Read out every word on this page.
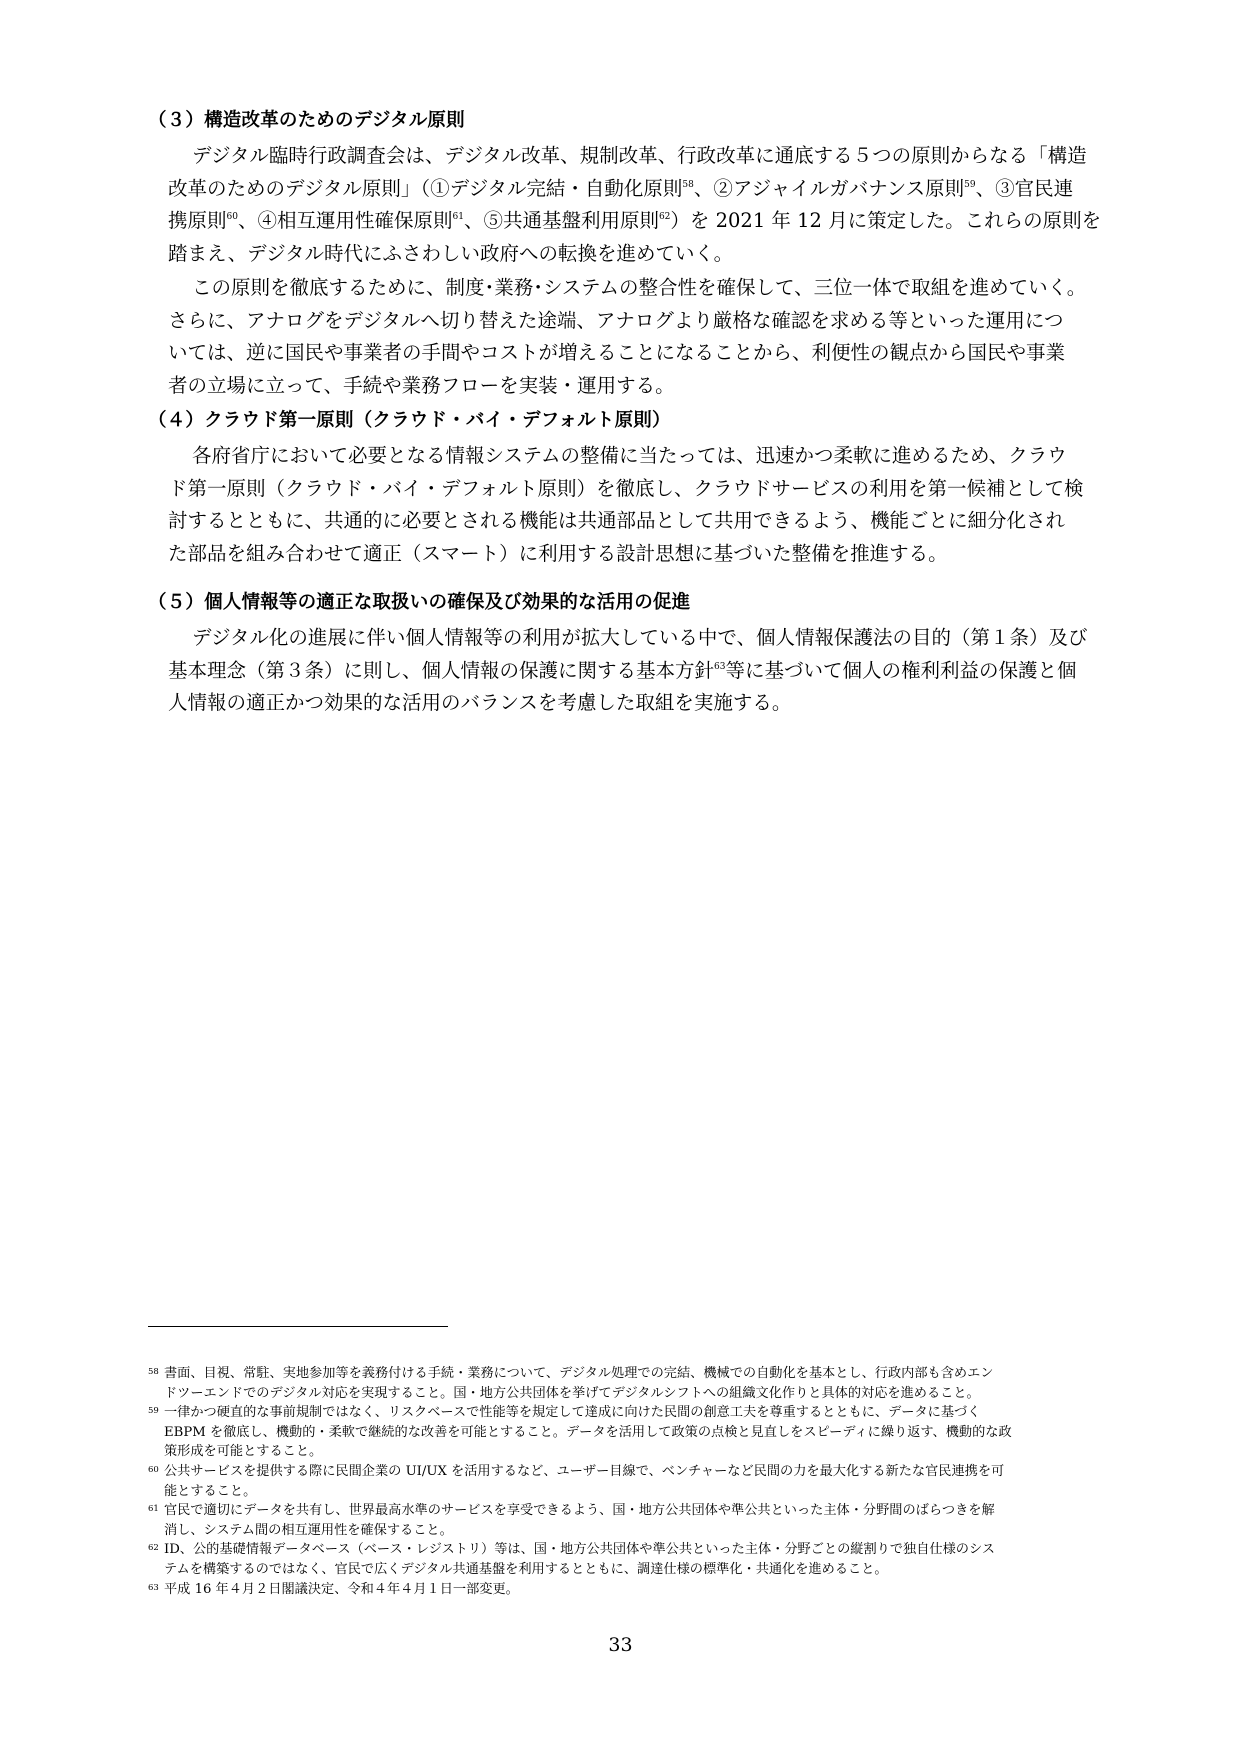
（３）構造改革のためのデジタル原則
デジタル臨時行政調査会は、デジタル改革、規制改革、行政改革に通底する５つの原則からなる「構造
改革のためのデジタル原則」（①デジタル完結・自動化原則$^{58}$、②アジャイルガバナンス原則$^{59}$、③官民連
携原則$^{60}$、④相互運用性確保原則$^{61}$、⑤共通基盤利用原則$^{62}$）を 2021 年 12 月に策定した。これらの原則を
踏まえ、デジタル時代にふさわしい政府への転換を進めていく。
この原則を徹底するために、制度･業務･システムの整合性を確保して、三位一体で取組を進めていく。
さらに、アナログをデジタルへ切り替えた途端、アナログより厳格な確認を求める等といった運用につ
いては、逆に国民や事業者の手間やコストが増えることになることから、利便性の観点から国民や事業
者の立場に立って、手続や業務フローを実装・運用する。
（４）クラウド第一原則（クラウド・バイ・デフォルト原則）
各府省庁において必要となる情報システムの整備に当たっては、迅速かつ柔軟に進めるため、クラウ
ド第一原則（クラウド・バイ・デフォルト原則）を徹底し、クラウドサービスの利用を第一候補として検
討するとともに、共通的に必要とされる機能は共通部品として共用できるよう、機能ごとに細分化され
た部品を組み合わせて適正（スマート）に利用する設計思想に基づいた整備を推進する。
（５）個人情報等の適正な取扱いの確保及び効果的な活用の促進
デジタル化の進展に伴い個人情報等の利用が拡大している中で、個人情報保護法の目的（第１条）及び
基本理念（第３条）に則し、個人情報の保護に関する基本方針$^{63}$等に基づいて個人の権利利益の保護と個
人情報の適正かつ効果的な活用のバランスを考慮した取組を実施する。
58 書面、目視、常駐、実地参加等を義務付ける手続・業務について、デジタル処理での完結、機械での自動化を基本とし、行政内部も含めエン
ドツーエンドでのデジタル対応を実現すること。国・地方公共団体を挙げてデジタルシフトへの組織文化作りと具体的対応を進めること。
59 一律かつ硬直的な事前規制ではなく、リスクベースで性能等を規定して達成に向けた民間の創意工夫を尊重するとともに、データに基づく
EBPM を徹底し、機動的・柔軟で継続的な改善を可能とすること。データを活用して政策の点検と見直しをスピーディに繰り返す、機動的な政
策形成を可能とすること。
60 公共サービスを提供する際に民間企業の UI/UX を活用するなど、ユーザー目線で、ベンチャーなど民間の力を最大化する新たな官民連携を可
能とすること。
61 官民で適切にデータを共有し、世界最高水準のサービスを享受できるよう、国・地方公共団体や準公共といった主体・分野間のばらつきを解
消し、システム間の相互運用性を確保すること。
62 ID、公的基礎情報データベース（ベース・レジストリ）等は、国・地方公共団体や準公共といった主体・分野ごとの縦割りで独自仕様のシス
テムを構築するのではなく、官民で広くデジタル共通基盤を利用するとともに、調達仕様の標準化・共通化を進めること。
63 平成 16 年４月２日閣議決定、令和４年４月１日一部変更。
33
